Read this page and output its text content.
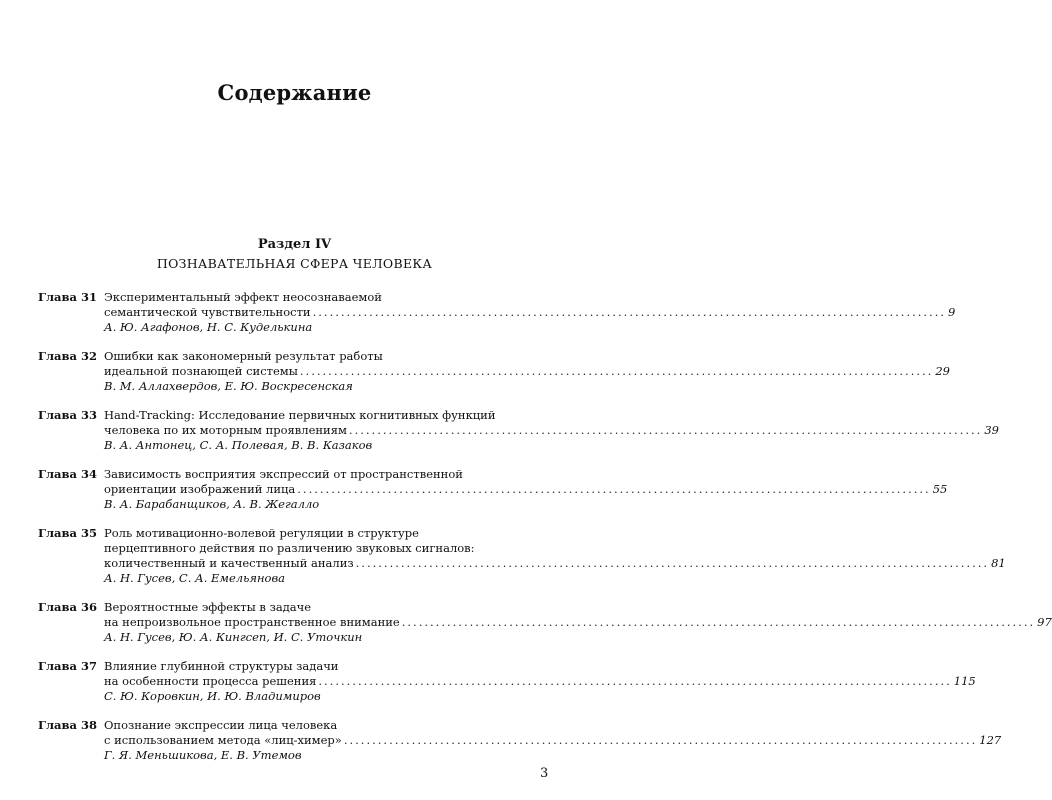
Содержание
Раздел IV
ПОЗНАВАТЕЛЬНАЯ СФЕРА ЧЕЛОВЕКА
Глава 31 Экспериментальный эффект неосознаваемой
семантической чувствительности .....	9
А. Ю. Агафонов, Н. С. Куделькина
Глава 32 Ошибки как закономерный результат работы
идеальной познающей системы .....	29
В. М. Аллахвердов, Е. Ю. Воскресенская
Глава 33 Hand-Tracking: Исследование первичных когнитивных функций
человека по их моторным проявлениям .....	39
В. А. Антонец, С. А. Полевая, В. В. Казаков
Глава 34 Зависимость восприятия экспрессий от пространственной
ориентации изображений лица .....	55
В. А. Барабанщиков, А. В. Жегалло
Глава 35 Роль мотивационно-волевой регуляции в структуре
перцептивного действия по различению звуковых сигналов:
количественный и качественный анализ .....	81
А. Н. Гусев, С. А. Емельянова
Глава 36 Вероятностные эффекты в задаче
на непроизвольное пространственное внимание .....	97
А. Н. Гусев, Ю. А. Кингсеп, И. С. Уточкин
Глава 37 Влияние глубинной структуры задачи
на особенности процесса решения .....	115
С. Ю. Коровкин, И. Ю. Владимиров
Глава 38 Опознание экспрессии лица человека
с использованием метода «лиц-химер» .....	127
Г. Я. Меньшикова, Е. В. Утемов
3
